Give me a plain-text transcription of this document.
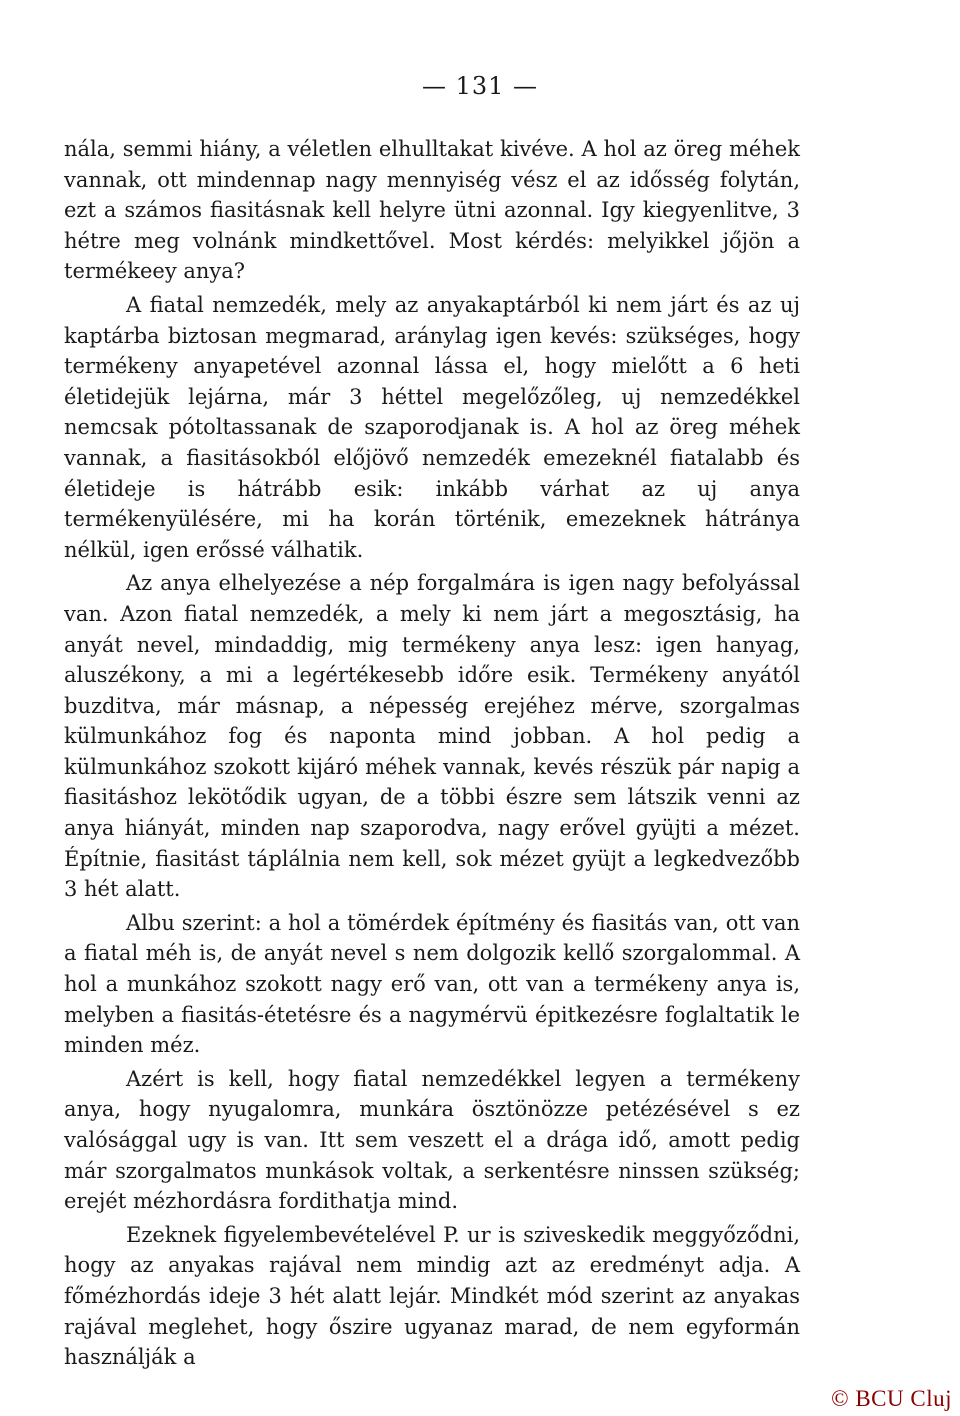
— 131 —

nála, semmi hiány, a véletlen elhulltakat kivéve. A hol az öreg méhek vannak, ott mindennap nagy mennyiség vész el az idősség folytán, ezt a számos fiasitásnak kell helyre ütni azonnal. Igy kiegyenlitve, 3 hétre meg volnánk mindkettővel. Most kérdés: melyikkel jőjön a termékeey anya?

A fiatal nemzedék, mely az anyakaptárból ki nem járt és az uj kaptárba biztosan megmarad, aránylag igen kevés: szükséges, hogy termékeny anyapetével azonnal lássa el, hogy mielőtt a 6 heti életidejük lejárna, már 3 héttel megelőzőleg, uj nemzedékkel nemcsak pótoltassanak de szaporodjanak is. A hol az öreg méhek vannak, a fiasitásokból előjövő nemzedék emezeknél fiatalabb és életideje is hátrább esik: inkább várhat az uj anya termékenyülésére, mi ha korán történik, emezeknek hátránya nélkül, igen erőssé válhatik.

Az anya elhelyezése a nép forgalmára is igen nagy befolyással van. Azon fiatal nemzedék, a mely ki nem járt a megosztásig, ha anyát nevel, mindaddig, mig termékeny anya lesz: igen hanyag, aluszékony, a mi a legértékesebb időre esik. Termékeny anyától buzditva, már másnap, a népesség erejéhez mérve, szorgalmas külmunkához fog és naponta mind jobban. A hol pedig a külmunkához szokott kijáró méhek vannak, kevés részük pár napig a fiasitáshoz lekötődik ugyan, de a többi észre sem látszik venni az anya hiányát, minden nap szaporodva, nagy erővel gyüjti a mézet. Építnie, fiasitást táplálnia nem kell, sok mézet gyüjt a legkedvezőbb 3 hét alatt.

Albu szerint: a hol a tömérdek építmény és fiasitás van, ott van a fiatal méh is, de anyát nevel s nem dolgozik kellő szorgalommal. A hol a munkához szokott nagy erő van, ott van a termékeny anya is, melyben a fiasitás-étetésre és a nagymérvü épitkezésre foglaltatik le minden méz.

Azért is kell, hogy fiatal nemzedékkel legyen a termékeny anya, hogy nyugalomra, munkára ösztönözze petézésével s ez valósággal ugy is van. Itt sem veszett el a drága idő, amott pedig már szorgalmatos munkások voltak, a serkentésre ninssen szükség; erejét mézhordásra fordithatja mind.

Ezeknek figyelembevételével P. ur is sziveskedik meggyőződni, hogy az anyakas rajával nem mindig azt az eredményt adja. A főmézhordás ideje 3 hét alatt lejár. Mindkét mód szerint az anyakas rajával meglehet, hogy őszire ugyanaz marad, de nem egyformán használják a

© BCU Cluj
